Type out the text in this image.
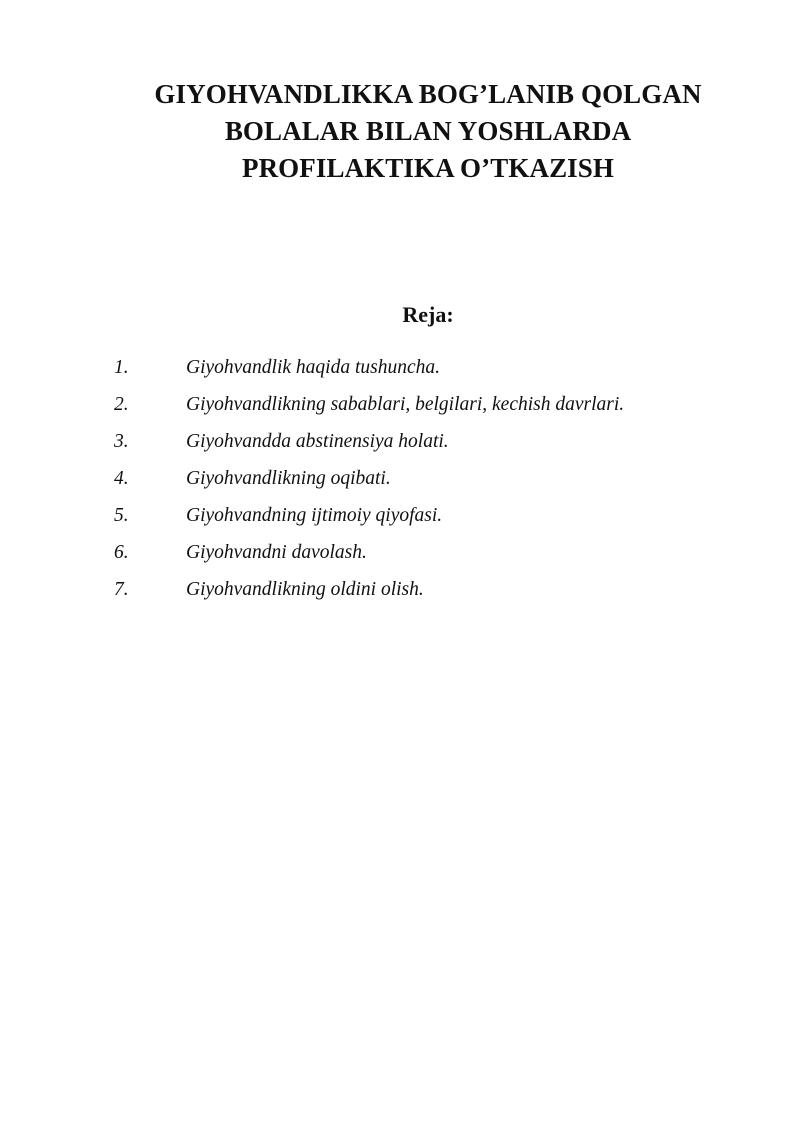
GIYOHVANDLIKKA BOG’LANIB QOLGAN
BOLALAR BILAN YOSHLARDA
PROFILAKTIKA O’TKAZISH
Reja:
1.	Giyohvandlik haqida tushuncha.
2.	Giyohvandlikning sabablari, belgilari, kechish davrlari.
3.	Giyohvandda abstinensiya holati.
4.	Giyohvandlikning oqibati.
5.	Giyohvandning ijtimoiy qiyofasi.
6.	Giyohvandni davolash.
7.	Giyohvandlikning oldini olish.
